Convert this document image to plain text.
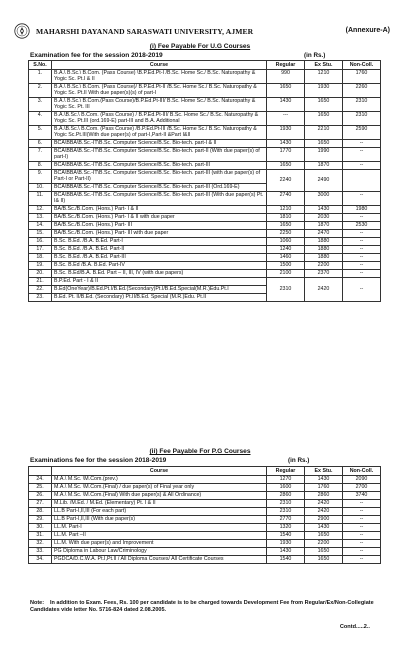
MAHARSHI DAYANAND SARASWATI UNIVERSITY, AJMER	(Annexure-A)
(i) Fee Payable For U.G Courses
Examination fee for the session 2018-2019	(in Rs.)
S.No.	Course	Regular	Ex Stu.	Non-Coll.
1.	B.A.\ B.Sc.\ B.Com. (Pass Course) \B.P.Ed.Pt-I /B.Sc. Home Sc./ B.Sc. Naturopathy & Yogic Sc. Pt.I & II	990	1210	1760
2.	B.A.\ B.Sc.\ B.Com. (Pass Course)/ B.P.Ed.Pt-II /B.Sc. Home Sc./ B.Sc. Naturopathy & Yogic Sc. Pt.II With due paper(s)(s) of part-I	1650	1930	2260
3.	B.A.\ B.Sc.\ B.Com.(Pass Course)/B.P.Ed.Pt-III/ B.Sc. Home Sc./ B.Sc. Naturopathy & Yogic Sc. Pt. III	1430	1650	2310
4.	B.A.\B.Sc.\ B.Com. (Pass Course) / B.P.Ed.Pt-III/ B.Sc. Home Sc./ B.Sc. Naturopathy & Yogic Sc. Pt.III (ord.169-E) part-III and B.A. Additional	---	1650	2310
5.	B.A.\B.Sc.\ B.Com. (Pass Course) /B.P.Ed.Pt-III /B.Sc. Home Sc./ B.Sc. Naturopathy & Yogic Sc.Pt.III(With due paper(s) of part-I,Part-II &Part I&II	1930	2210	2590
6.	BCA\BBA\B.Sc.-IT\B.Sc. Computer Science/B.Sc. Bio-tech. part-I & II	1430	1650	--
7.	BCA\BBA\B.Sc.-IT\B.Sc. Computer Science/B.Sc. Bio-tech. part-II (With due paper(s) of part-I)	1770	1990	--
8.	BCA\BBA\B.Sc.-IT\B.Sc. Computer Science/B.Sc. Bio-tech. part-III	1650	1870	--
9.	BCA\BBA\B.Sc.-IT\B.Sc. Computer Science/B.Sc. Bio-tech. part-III (with due paper(s) of Part-I or Part-II)	2240	2490	
10.	BCA\BBA\B.Sc.-IT\B.Sc. Computer Science/B.Sc. Bio-tech. part-III (Ord.169-E)			
11.	BCA\BBA\B.Sc.-IT\B.Sc. Computer Science/B.Sc. Bio-tech. part-III (With due paper(s) Pt. I& II)	2740	3000	--
12.	BA/B.Sc./B.Com. (Hons.) Part- I & II	1210	1430	1980
13.	BA/B.Sc./B.Com. (Hons.) Part- I & II with due paper	1810	2030	--
14.	BA/B.Sc./B.Com. (Hons.) Part- III	1650	1870	2530
15.	BA/B.Sc./B.Com. (Hons.) Part- III with due paper	2250	2470	--
16.	B.Sc. B.Ed. /B.A. B.Ed. Part-I	1060	1880	--
17.	B.Sc. B.Ed. /B.A. B.Ed. Part-II	1240	1880	--
18.	B.Sc. B.Ed. /B.A. B.Ed. Part-III	1460	1880	--
19.	B.Sc. B.Ed /B.A. B.Ed. Part-IV	1500	2200	--
20.	B.Sc. B.Ed/B.A. B.Ed. Part – II, III, IV (with due papers)	2100	2370	--
21.	B.P.Ed. Part - I & II	2310	2420	--
22.	B.Ed(OneYear)/B.Ed.Pt.I/B.Ed.(Secondary)Pt.I/B.Ed.Special(M.R.)Edu.Pt.I			
23.	B.Ed. Pt. II/B.Ed. (Secondary) Pt.II/B.Ed. Special (M.R.)Edu. Pt.II			
(ii) Fee Payable For P.G Courses
Examinations fee for the session 2018-2019	(in Rs.)
	Course	Regular	Ex Stu.	Non-Coll.
24.	M.A.\ M.Sc. \M.Com.(prev.)	1270	1430	2090
25.	M.A.\ M.Sc. \M.Com.(Final) / due paper(s) of Final year only	1600	1760	2700
26.	M.A.\ M.Sc. \M.Com.(Final) With due paper(s) & All Ordinance)	2860	2860	3740
27.	M.Lib. /M.Ed. / M.Ed. (Elementary) Pt. I & II	2310	2420	--
28.	LL.B Part-I,II,III (For each part)	2310	2420	--
29.	LL.B Part-I,II,III (With due paper(s)	2770	2900	--
30.	LL.M. Part-I	1320	1430	--
31.	LL.M. Part –II	1540	1650	--
32.	LL.M. With due paper(s) and Improvement	1930	2200	--
33.	PG Diploma in Labour Law/Criminology	1430	1650	--
34.	PGDCA/D.C.W.A. Pt.I,Pt.II / All Diploma Courses/ All Certificate Courses	1540	1650	--
Note: In addition to Exam. Fees, Rs. 100 per candidate is to be charged towards Development Fee from Regular/Ex/Non-Collegiate Candidates vide letter No. 5716-824 dated 2.08.2005.
Contd.....2..
